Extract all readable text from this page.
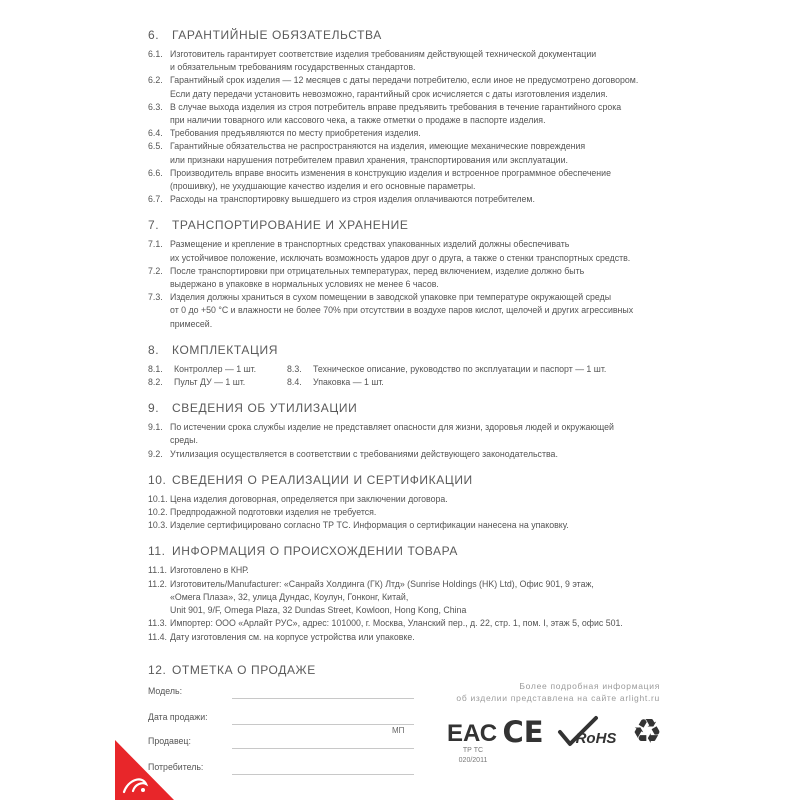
6. ГАРАНТИЙНЫЕ ОБЯЗАТЕЛЬСТВА
6.1. Изготовитель гарантирует соответствие изделия требованиям действующей технической документации
и обязательным требованиям государственных стандартов.
6.2. Гарантийный срок изделия — 12 месяцев с даты передачи потребителю, если иное не предусмотрено договором.
Если дату передачи установить невозможно, гарантийный срок исчисляется с даты изготовления изделия.
6.3. В случае выхода изделия из строя потребитель вправе предъявить требования в течение гарантийного срока
при наличии товарного или кассового чека, а также отметки о продаже в паспорте изделия.
6.4. Требования предъявляются по месту приобретения изделия.
6.5. Гарантийные обязательства не распространяются на изделия, имеющие механические повреждения
или признаки нарушения потребителем правил хранения, транспортирования или эксплуатации.
6.6. Производитель вправе вносить изменения в конструкцию изделия и встроенное программное обеспечение
(прошивку), не ухудшающие качество изделия и его основные параметры.
6.7. Расходы на транспортировку вышедшего из строя изделия оплачиваются потребителем.
7. ТРАНСПОРТИРОВАНИЕ И ХРАНЕНИЕ
7.1. Размещение и крепление в транспортных средствах упакованных изделий должны обеспечивать
их устойчивое положение, исключать возможность ударов друг о друга, а также о стенки транспортных средств.
7.2. После транспортировки при отрицательных температурах, перед включением, изделие должно быть
выдержано в упаковке в нормальных условиях не менее 6 часов.
7.3. Изделия должны храниться в сухом помещении в заводской упаковке при температуре окружающей среды
от 0 до +50 °С и влажности не более 70% при отсутствии в воздухе паров кислот, щелочей и других агрессивных
примесей.
8. КОМПЛЕКТАЦИЯ
8.1. Контроллер — 1 шт.
8.2. Пульт ДУ — 1 шт.
8.3. Техническое описание, руководство по эксплуатации и паспорт — 1 шт.
8.4. Упаковка — 1 шт.
9. СВЕДЕНИЯ ОБ УТИЛИЗАЦИИ
9.1. По истечении срока службы изделие не представляет опасности для жизни, здоровья людей и окружающей
среды.
9.2. Утилизация осуществляется в соответствии с требованиями действующего законодательства.
10. СВЕДЕНИЯ О РЕАЛИЗАЦИИ И СЕРТИФИКАЦИИ
10.1. Цена изделия договорная, определяется при заключении договора.
10.2. Предпродажной подготовки изделия не требуется.
10.3. Изделие сертифицировано согласно ТР ТС. Информация о сертификации нанесена на упаковку.
11. ИНФОРМАЦИЯ О ПРОИСХОЖДЕНИИ ТОВАРА
11.1. Изготовлено в КНР.
11.2. Изготовитель/Manufacturer: «Санрайз Холдинга (ГК) Лтд» (Sunrise Holdings (HK) Ltd), Офис 901, 9 этаж,
«Омега Плаза», 32, улица Дундас, Коулун, Гонконг, Китай,
Unit 901, 9/F, Omega Plaza, 32 Dundas Street, Kowloon, Hong Kong, China
11.3. Импортер: ООО «Арлайт РУС», адрес: 101000, г. Москва, Уланский пер., д. 22, стр. 1, пом. I, этаж 5, офис 501.
11.4. Дату изготовления см. на корпусе устройства или упаковке.
12. ОТМЕТКА О ПРОДАЖЕ
Модель:
Дата продажи:
Продавец:
МП
Потребитель:
Более подробная информация
об изделии представлена на сайте arlight.ru
ЕАС
ТР ТС
020/2011
CE RoHS ♻
